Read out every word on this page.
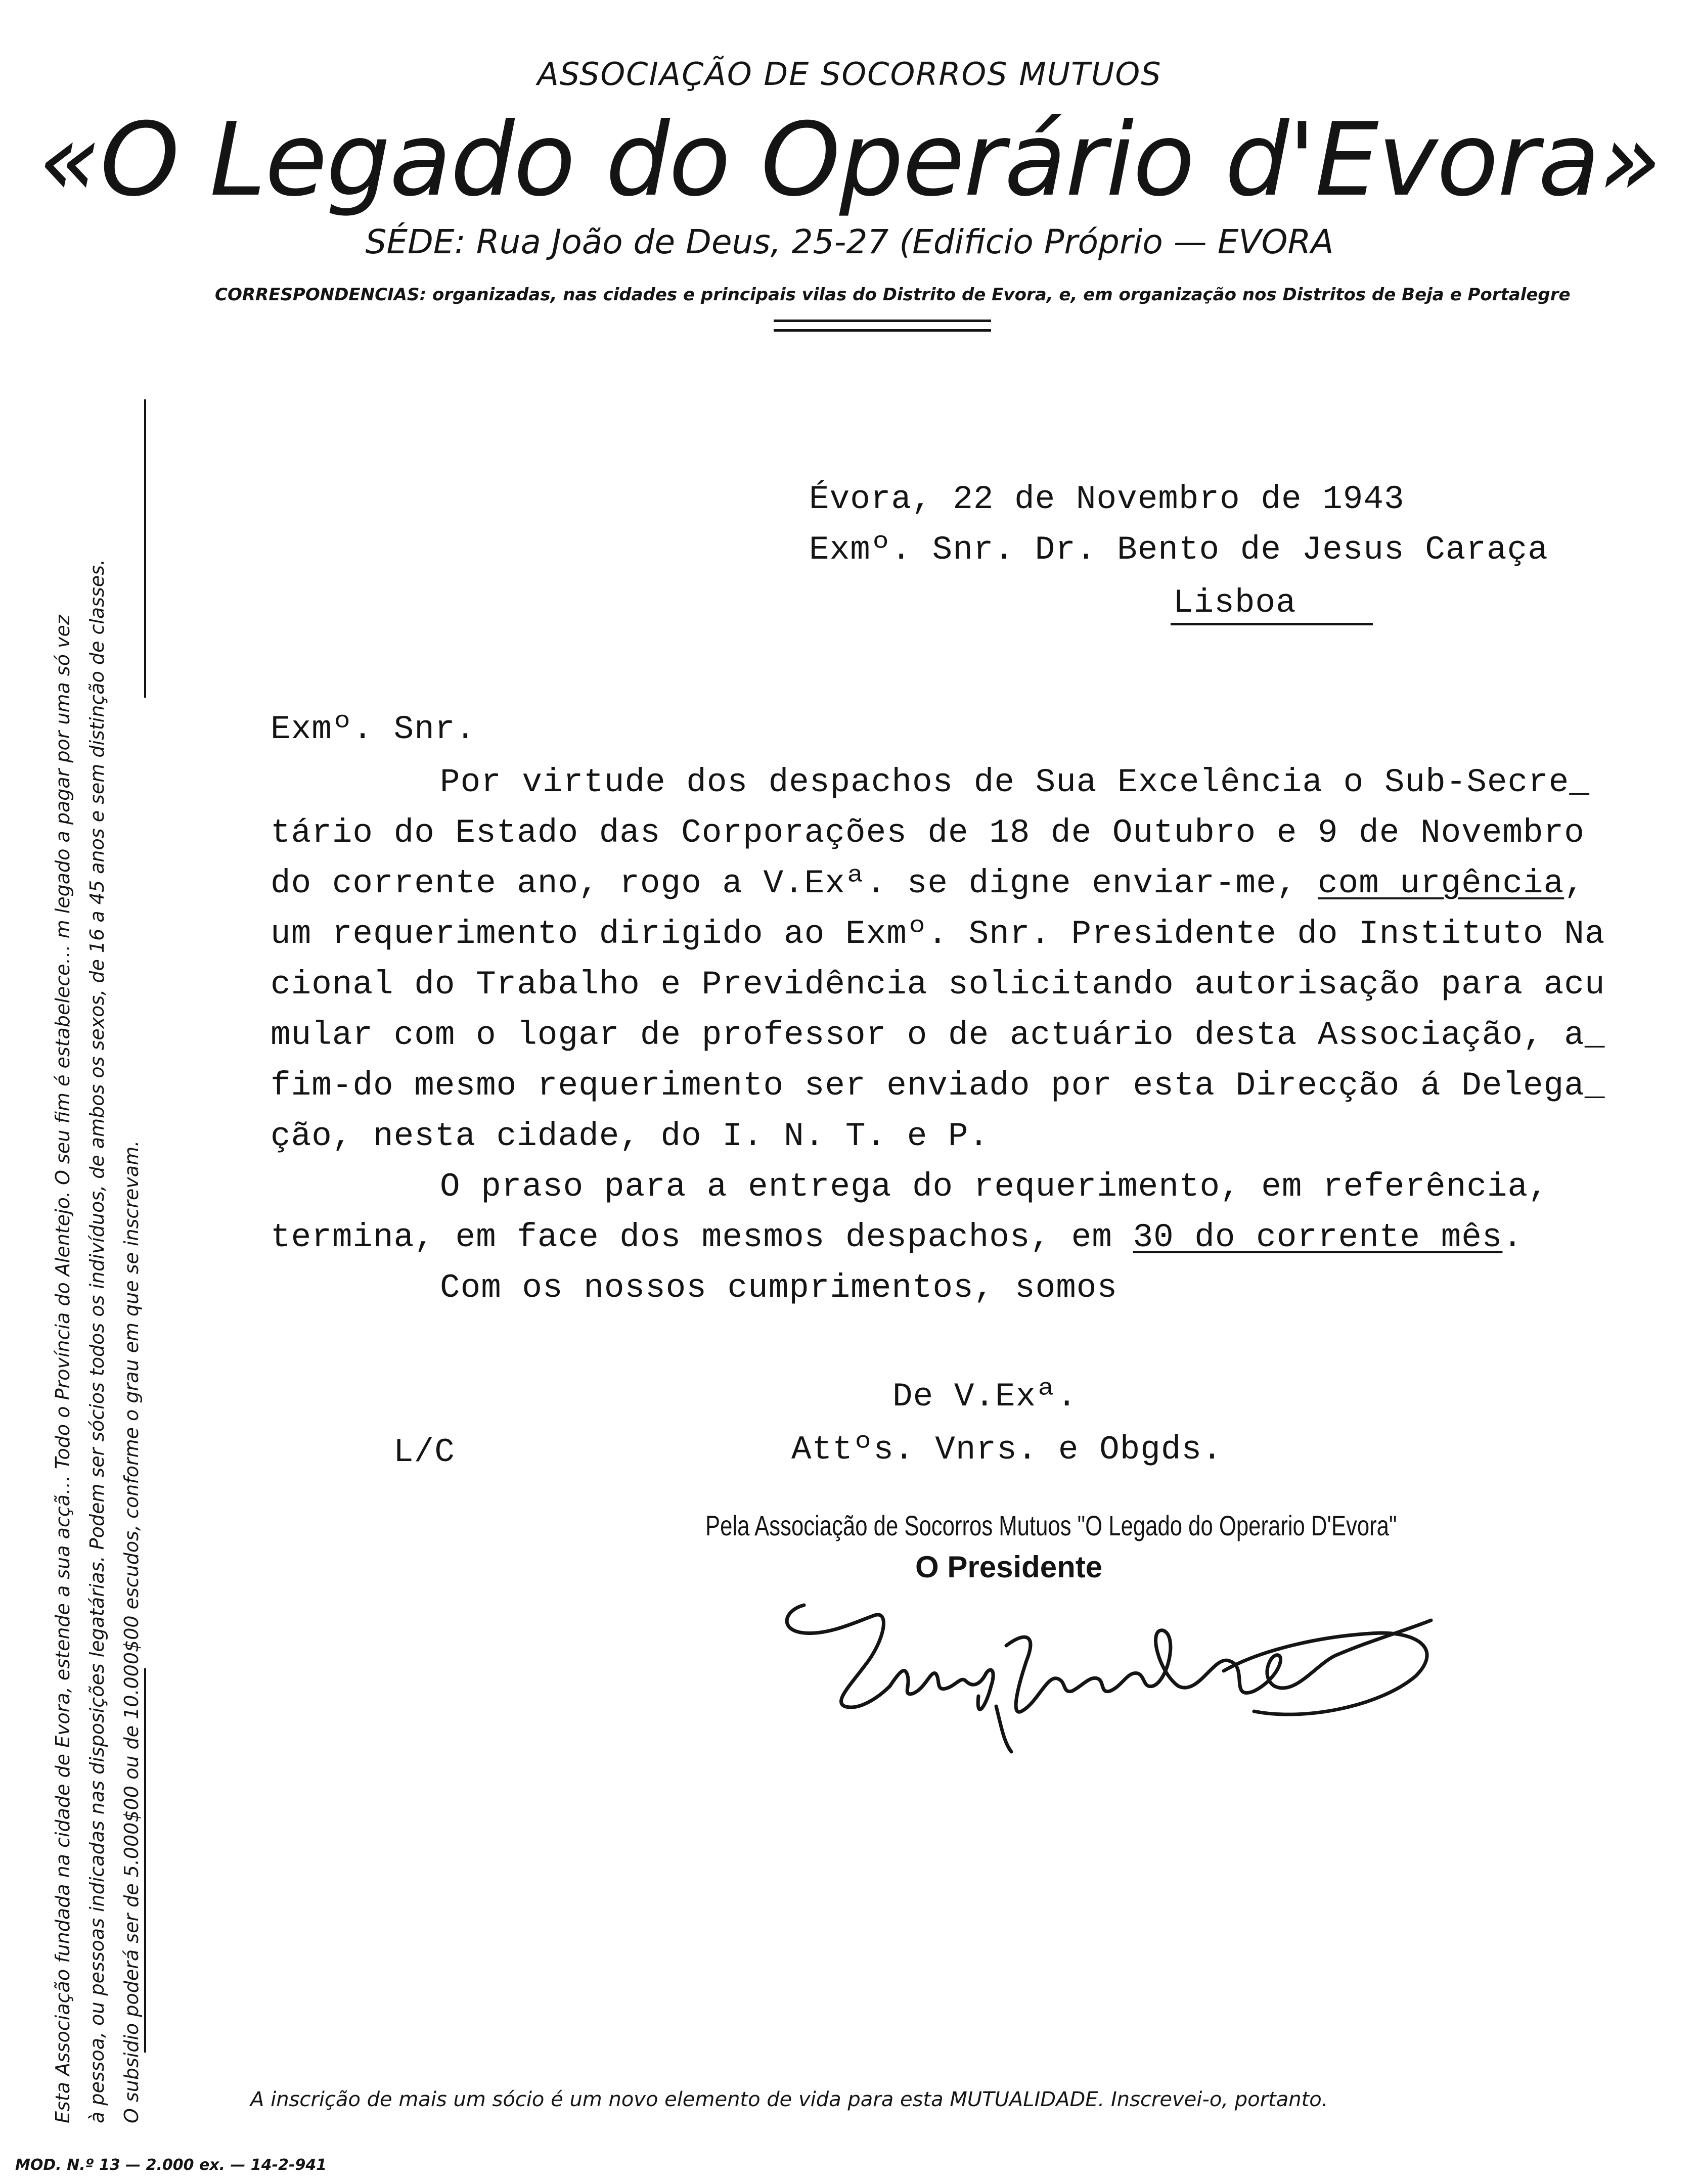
ASSOCIAÇÃO DE SOCORROS MUTUOS
«O Legado do Operário d'Evora»
SÉDE: Rua João de Deus, 25-27 (Edificio Próprio — EVORA
CORRESPONDENCIAS: organizadas, nas cidades e principais vilas do Distrito de Evora, e, em organização nos Distritos de Beja e Portalegre
Esta Associação fundada na cidade de Evora, estende a sua acçã… Todo o Província do Alentejo. O seu fim é estabelece… m legado a pagar por uma só vez à pessoa, ou pessoas indicadas nas disposições legatárias. Podem ser sócios todos os indivíduos, de ambos os sexos, de 16 a 45 anos e sem distinção de classes. O subsidio poderá ser de 5.000$00 ou de 10.000$00 escudos, conforme o grau em que se inscrevam.
Évora, 22 de Novembro de 1943
Exmº. Snr. Dr. Bento de Jesus Caraça
Lisboa
Exmº. Snr.
Por virtude dos despachos de Sua Excelência o Sub-Secre_
tário do Estado das Corporações de 18 de Outubro e 9 de Novembro
do corrente ano, rogo a V.Exª. se digne enviar-me, com urgência,
um requerimento dirigido ao Exmº. Snr. Presidente do Instituto Na
cional do Trabalho e Previdência solicitando autorisação para acu
mular com o logar de professor o de actuário desta Associação, a_
fim-do mesmo requerimento ser enviado por esta Direcção á Delega_
ção, nesta cidade, do I. N. T. e P.
O praso para a entrega do requerimento, em referência,
termina, em face dos mesmos despachos, em 30 do corrente mês.
Com os nossos cumprimentos, somos
De V.Exª.
Attºs. Vnrs. e Obgds.
L/C
Pela Associação de Socorros Mutuos "O Legado do Operario D'Evora"
O Presidente
A inscrição de mais um sócio é um novo elemento de vida para esta MUTUALIDADE. Inscrevei-o, portanto.
MOD. N.º 13 — 2.000 ex. — 14-2-941
